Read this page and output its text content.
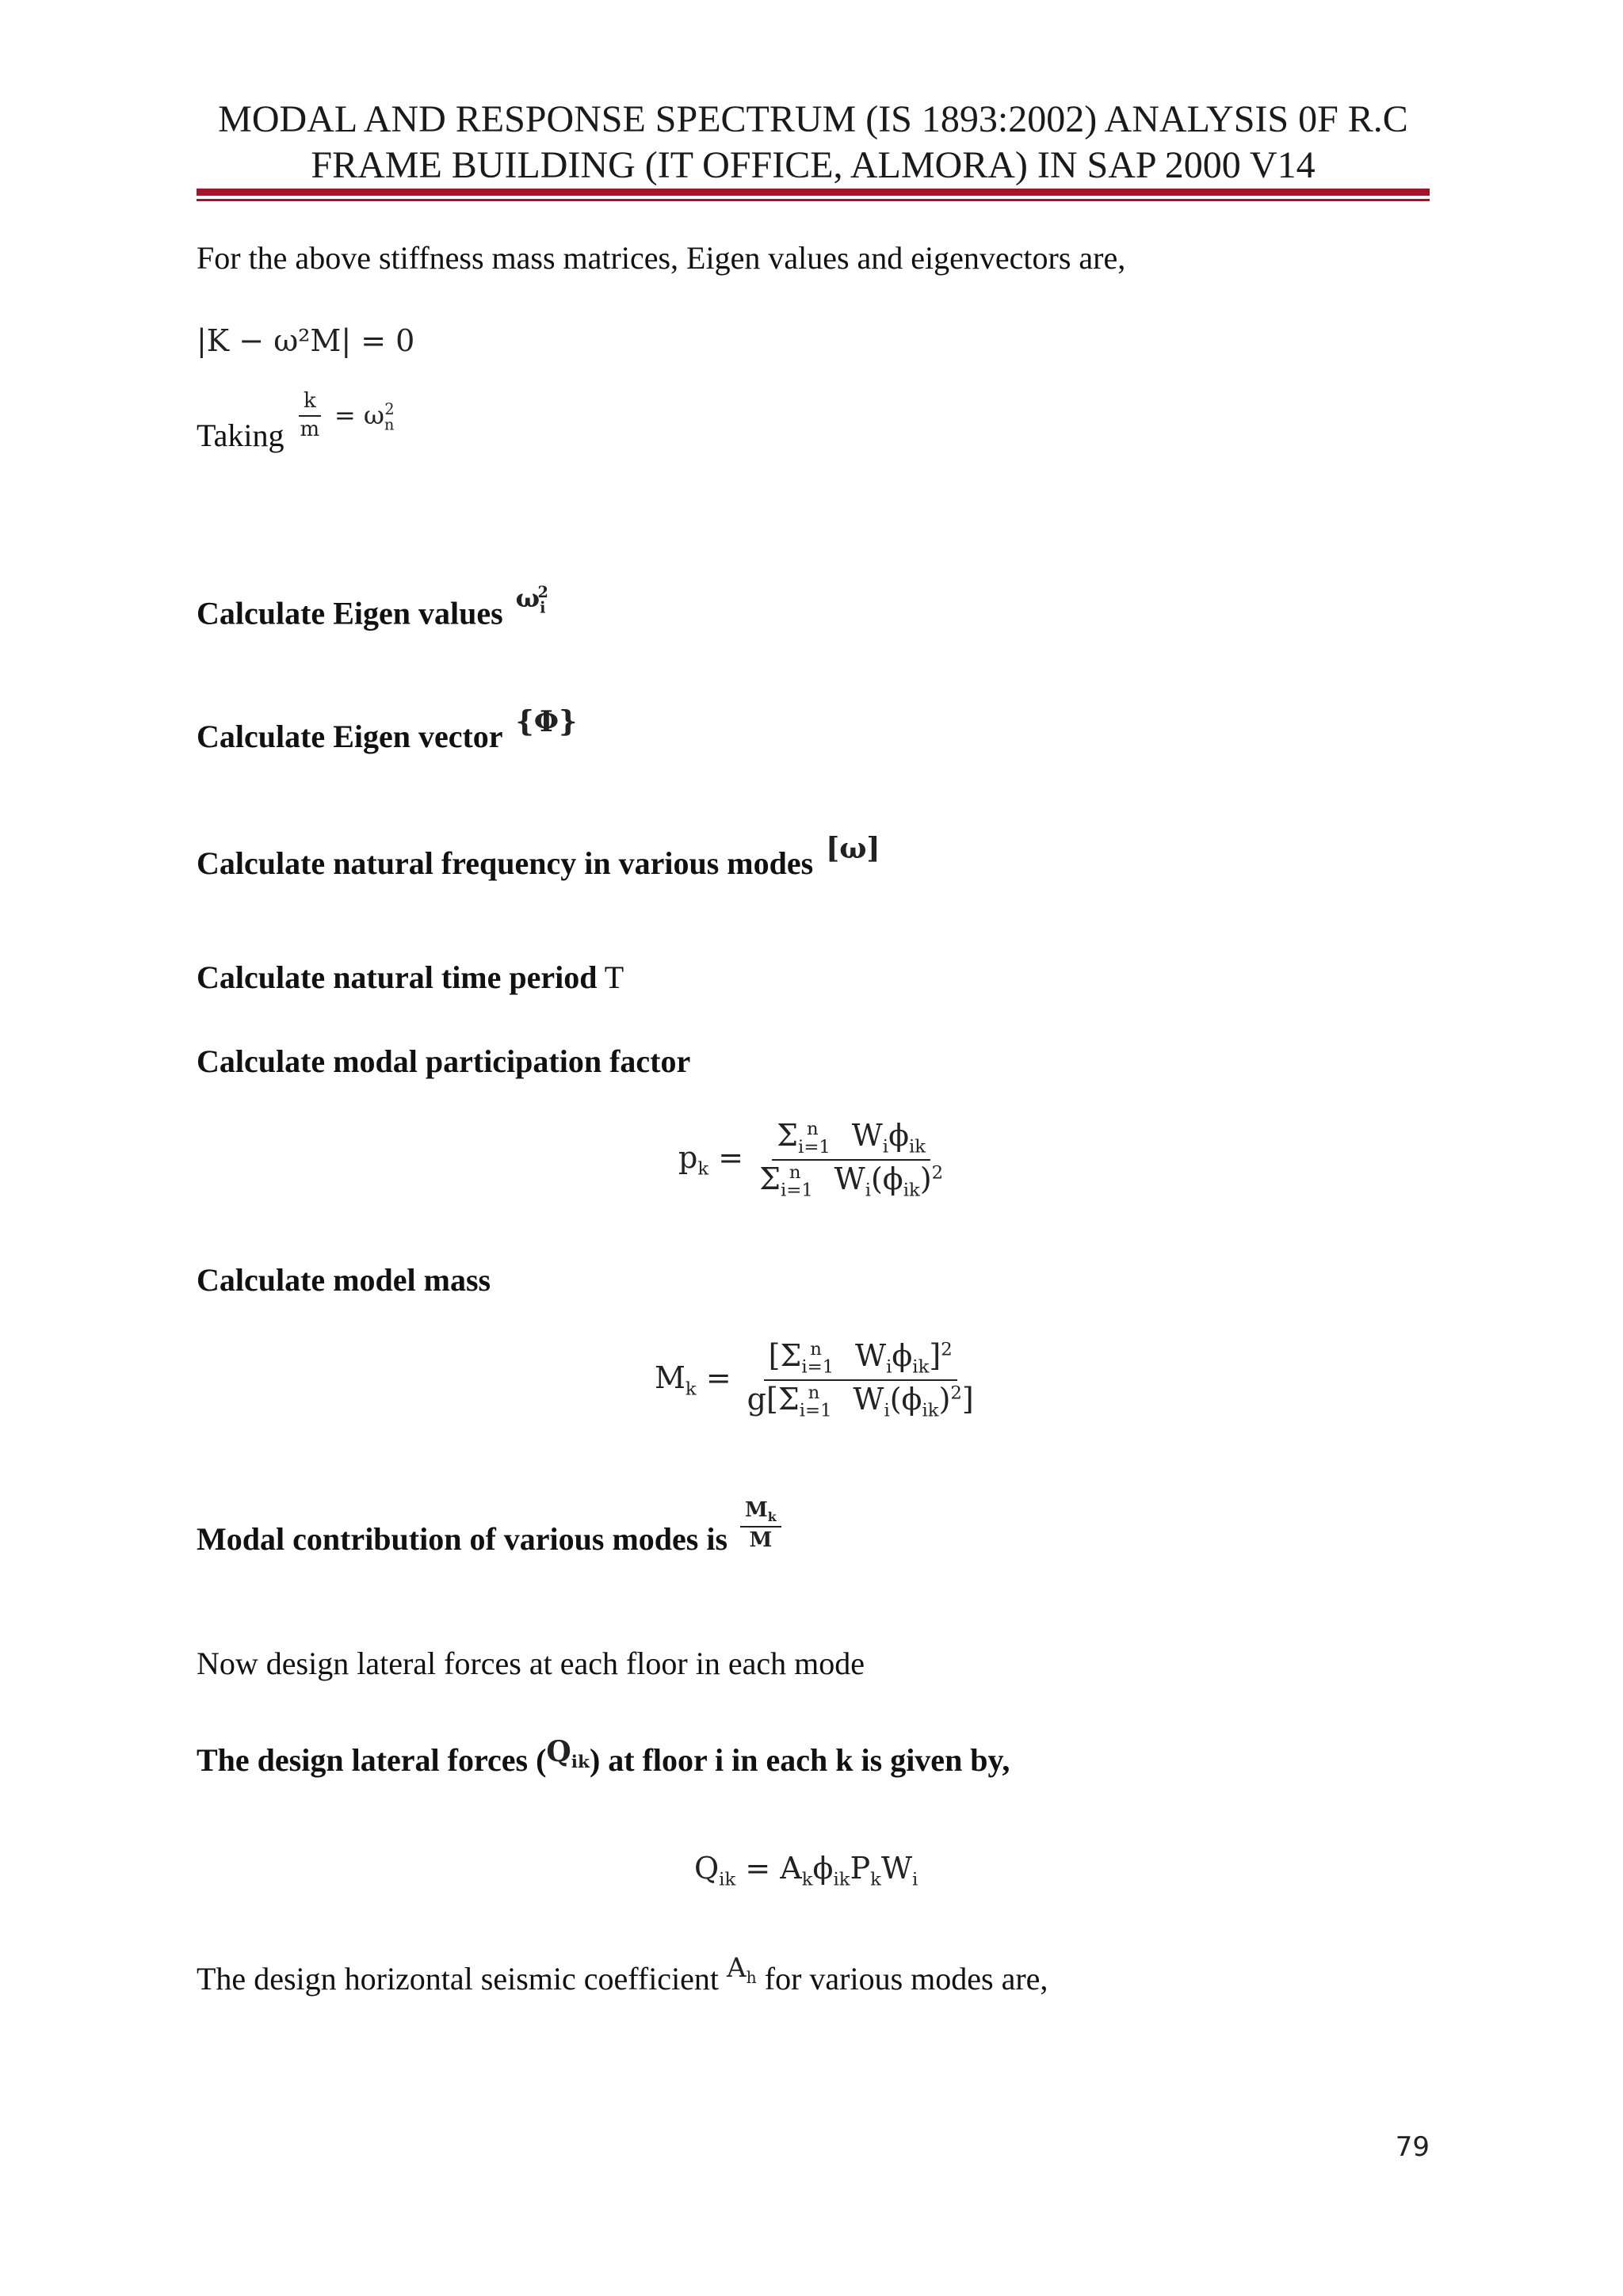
MODAL AND RESPONSE SPECTRUM (IS 1893:2002) ANALYSIS 0F R.C
FRAME BUILDING (IT OFFICE, ALMORA) IN SAP 2000 V14
For the above stiffness mass matrices, Eigen values and eigenvectors are,
|K − ω²M| = 0
Taking $\frac{k}{m} = \omega_n^2$
Calculate Eigen values $^{\omega_i^2}$
Calculate Eigen vector {Φ}
Calculate natural frequency in various modes [ω]
Calculate natural time period T
Calculate modal participation factor
$p_k = \frac{\Sigma_{i=1}^n W_i\phi_{ik}}{\Sigma_{i=1}^n W_i(\phi_{ik})^2}$
Calculate model mass
$M_k = \frac{[\Sigma_{i=1}^n W_i\phi_{ik}]^2}{g[\Sigma_{i=1}^n W_i(\phi_{ik})^2]}$
Modal contribution of various modes is $\frac{M_k}{M}$
Now design lateral forces at each floor in each mode
The design lateral forces $(Q_{ik})$ at floor i in each k is given by,
$Q_{ik} = A_k\phi_{ik}P_kW_i$
The design horizontal seismic coefficient $^{A_h}$ for various modes are,
79
